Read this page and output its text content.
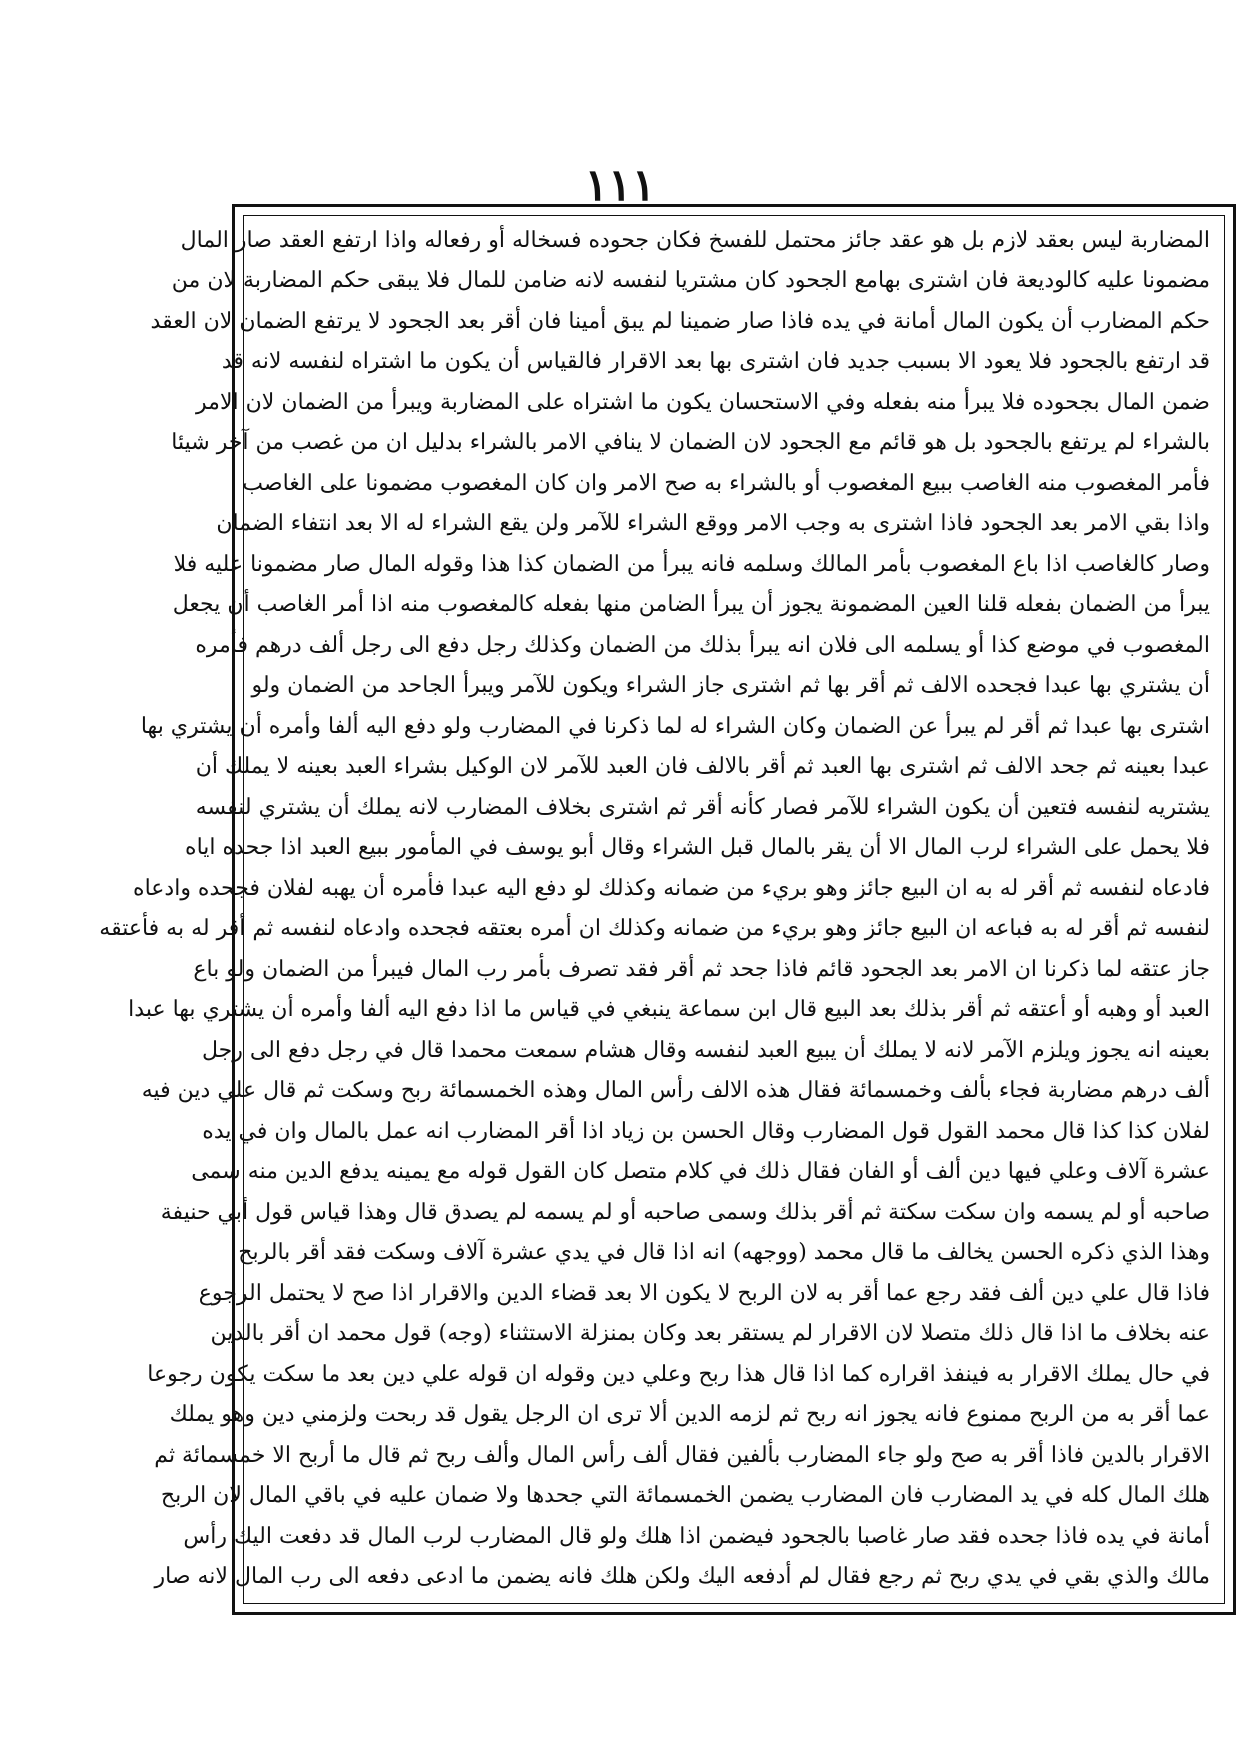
١١١
المضاربة ليس بعقد لازم بل هو عقد جائز محتمل للفسخ فكان جحوده فسخاله أو رفعاله واذا ارتفع العقد صار المال
مضمونا عليه كالوديعة فان اشترى بهامع الجحود كان مشتريا لنفسه لانه ضامن للمال فلا يبقى حكم المضاربة لان من
حكم المضارب أن يكون المال أمانة في يده فاذا صار ضمينا لم يبق أمينا فان أقر بعد الجحود لا يرتفع الضمان لان العقد
قد ارتفع بالجحود فلا يعود الا بسبب جديد فان اشترى بها بعد الاقرار فالقياس أن يكون ما اشتراه لنفسه لانه قد
ضمن المال بجحوده فلا يبرأ منه بفعله وفي الاستحسان يكون ما اشتراه على المضاربة ويبرأ من الضمان لان الامر
بالشراء لم يرتفع بالجحود بل هو قائم مع الجحود لان الضمان لا ينافي الامر بالشراء بدليل ان من غصب من آخر شيئا
فأمر المغصوب منه الغاصب ببيع المغصوب أو بالشراء به صح الامر وان كان المغصوب مضمونا على الغاصب
واذا بقي الامر بعد الجحود فاذا اشترى به وجب الامر ووقع الشراء للآمر ولن يقع الشراء له الا بعد انتفاء الضمان
وصار كالغاصب اذا باع المغصوب بأمر المالك وسلمه فانه يبرأ من الضمان كذا هذا وقوله المال صار مضمونا عليه فلا
يبرأ من الضمان بفعله قلنا العين المضمونة يجوز أن يبرأ الضامن منها بفعله كالمغصوب منه اذا أمر الغاصب أن يجعل
المغصوب في موضع كذا أو يسلمه الى فلان انه يبرأ بذلك من الضمان وكذلك رجل دفع الى رجل ألف درهم فأمره
أن يشتري بها عبدا فجحده الالف ثم أقر بها ثم اشترى جاز الشراء ويكون للآمر ويبرأ الجاحد من الضمان ولو
اشترى بها عبدا ثم أقر لم يبرأ عن الضمان وكان الشراء له لما ذكرنا في المضارب ولو دفع اليه ألفا وأمره أن يشتري بها
عبدا بعينه ثم جحد الالف ثم اشترى بها العبد ثم أقر بالالف فان العبد للآمر لان الوكيل بشراء العبد بعينه لا يملك أن
يشتريه لنفسه فتعين أن يكون الشراء للآمر فصار كأنه أقر ثم اشترى بخلاف المضارب لانه يملك أن يشتري لنفسه
فلا يحمل على الشراء لرب المال الا أن يقر بالمال قبل الشراء وقال أبو يوسف في المأمور ببيع العبد اذا جحده اياه
فادعاه لنفسه ثم أقر له به ان البيع جائز وهو بريء من ضمانه وكذلك لو دفع اليه عبدا فأمره أن يهبه لفلان فجحده وادعاه
لنفسه ثم أقر له به فباعه ان البيع جائز وهو بريء من ضمانه وكذلك ان أمره بعتقه فجحده وادعاه لنفسه ثم أقر له به فأعتقه
جاز عتقه لما ذكرنا ان الامر بعد الجحود قائم فاذا جحد ثم أقر فقد تصرف بأمر رب المال فيبرأ من الضمان ولو باع
العبد أو وهبه أو أعتقه ثم أقر بذلك بعد البيع قال ابن سماعة ينبغي في قياس ما اذا دفع اليه ألفا وأمره أن يشتري بها عبدا
بعينه انه يجوز ويلزم الآمر لانه لا يملك أن يبيع العبد لنفسه وقال هشام سمعت محمدا قال في رجل دفع الى رجل
ألف درهم مضاربة فجاء بألف وخمسمائة فقال هذه الالف رأس المال وهذه الخمسمائة ربح وسكت ثم قال علي دين فيه
لفلان كذا كذا قال محمد القول قول المضارب وقال الحسن بن زياد اذا أقر المضارب انه عمل بالمال وان في يده
عشرة آلاف وعلي فيها دين ألف أو الفان فقال ذلك في كلام متصل كان القول قوله مع يمينه يدفع الدين منه سمى
صاحبه أو لم يسمه وان سكت سكتة ثم أقر بذلك وسمى صاحبه أو لم يسمه لم يصدق قال وهذا قياس قول أبي حنيفة
وهذا الذي ذكره الحسن يخالف ما قال محمد (ووجهه) انه اذا قال في يدي عشرة آلاف وسكت فقد أقر بالربح
فاذا قال علي دين ألف فقد رجع عما أقر به لان الربح لا يكون الا بعد قضاء الدين والاقرار اذا صح لا يحتمل الرجوع
عنه بخلاف ما اذا قال ذلك متصلا لان الاقرار لم يستقر بعد وكان بمنزلة الاستثناء (وجه) قول محمد ان أقر بالدين
في حال يملك الاقرار به فينفذ اقراره كما اذا قال هذا ربح وعلي دين وقوله ان قوله علي دين بعد ما سكت يكون رجوعا
عما أقر به من الربح ممنوع فانه يجوز انه ربح ثم لزمه الدين ألا ترى ان الرجل يقول قد ربحت ولزمني دين وهو يملك
الاقرار بالدين فاذا أقر به صح ولو جاء المضارب بألفين فقال ألف رأس المال وألف ربح ثم قال ما أربح الا خمسمائة ثم
هلك المال كله في يد المضارب فان المضارب يضمن الخمسمائة التي جحدها ولا ضمان عليه في باقي المال لان الربح
أمانة في يده فاذا جحده فقد صار غاصبا بالجحود فيضمن اذا هلك ولو قال المضارب لرب المال قد دفعت اليك رأس
مالك والذي بقي في يدي ربح ثم رجع فقال لم أدفعه اليك ولكن هلك فانه يضمن ما ادعى دفعه الى رب المال لانه صار
